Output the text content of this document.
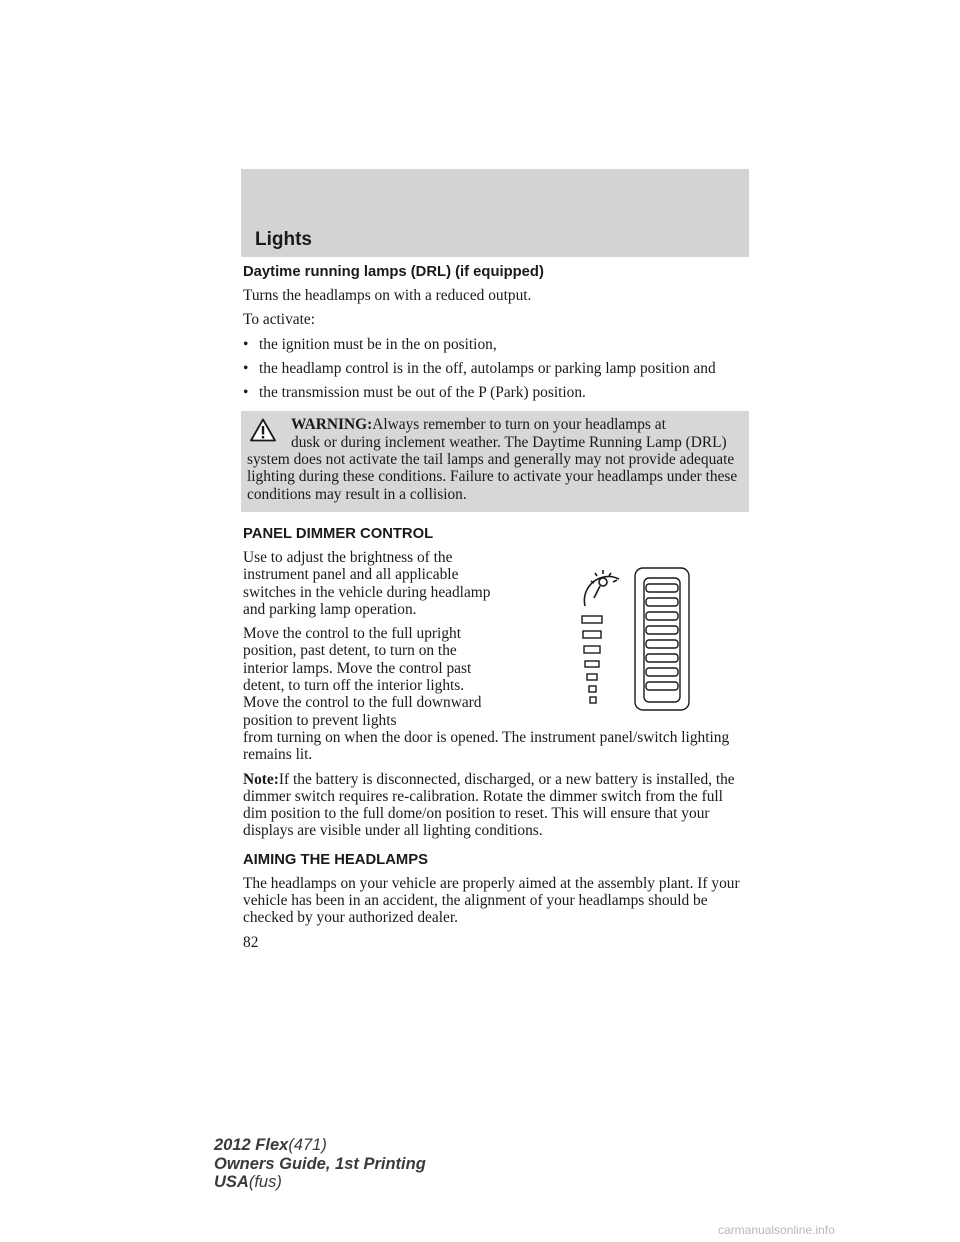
Lights
Daytime running lamps (DRL) (if equipped)

Turns the headlamps on with a reduced output.

To activate:

• the ignition must be in the on position,
• the headlamp control is in the off, autolamps or parking lamp position and
• the transmission must be out of the P (Park) position.
WARNING:Always remember to turn on your headlamps at
dusk or during inclement weather. The Daytime Running Lamp (DRL) system does not activate the tail lamps and generally may not provide adequate lighting during these conditions. Failure to activate your headlamps under these conditions may result in a collision.
PANEL DIMMER CONTROL

Use to adjust the brightness of the instrument panel and all applicable switches in the vehicle during headlamp and parking lamp operation.

Move the control to the full upright position, past detent, to turn on the interior lamps. Move the control past detent, to turn off the interior lights. Move the control to the full downward position to prevent lights

from turning on when the door is opened. The instrument panel/switch lighting remains lit.

Note:If the battery is disconnected, discharged, or a new battery is installed, the dimmer switch requires re-calibration. Rotate the dimmer switch from the full dim position to the full dome/on position to reset. This will ensure that your displays are visible under all lighting conditions.

AIMING THE HEADLAMPS

The headlamps on your vehicle are properly aimed at the assembly plant. If your vehicle has been in an accident, the alignment of your headlamps should be checked by your authorized dealer.

82
2012 Flex(471)
Owners Guide, 1st Printing
USA(fus)
carmanualsonline.info
